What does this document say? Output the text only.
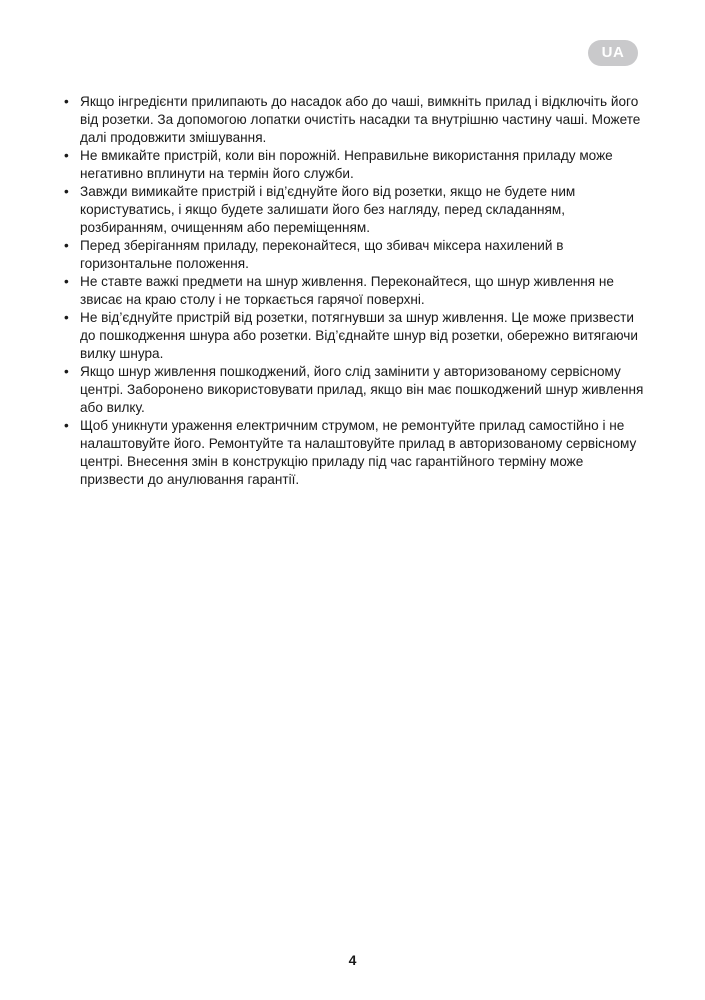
UA
• Якщо інгредієнти прилипають до насадок або до чаші, вимкніть прилад і відключіть його від розетки. За допомогою лопатки очистіть насадки та внутрішню частину чаші. Можете далі продовжити змішування.
• Не вмикайте пристрій, коли він порожній. Неправильне використання приладу може негативно вплинути на термін його служби.
• Завжди вимикайте пристрій і від’єднуйте його від розетки, якщо не будете ним користуватись, і якщо будете залишати його без нагляду, перед складанням, розбиранням, очищенням або переміщенням.
• Перед зберіганням приладу, переконайтеся, що збивач міксера нахилений в горизонтальне положення.
• Не ставте важкі предмети на шнур живлення. Переконайтеся, що шнур живлення не звисає на краю столу і не торкається гарячої поверхні.
• Не від’єднуйте пристрій від розетки, потягнувши за шнур живлення. Це може призвести до пошкодження шнура або розетки. Від’єднайте шнур від розетки, обережно витягаючи вилку шнура.
• Якщо шнур живлення пошкоджений, його слід замінити у авторизованому сервісному центрі. Заборонено використовувати прилад, якщо він має пошкоджений шнур живлення або вилку.
• Щоб уникнути ураження електричним струмом, не ремонтуйте прилад самостійно і не налаштовуйте його. Ремонтуйте та налаштовуйте прилад в авторизованому сервісному центрі. Внесення змін в конструкцію приладу під час гарантійного терміну може призвести до анулювання гарантії.
4
